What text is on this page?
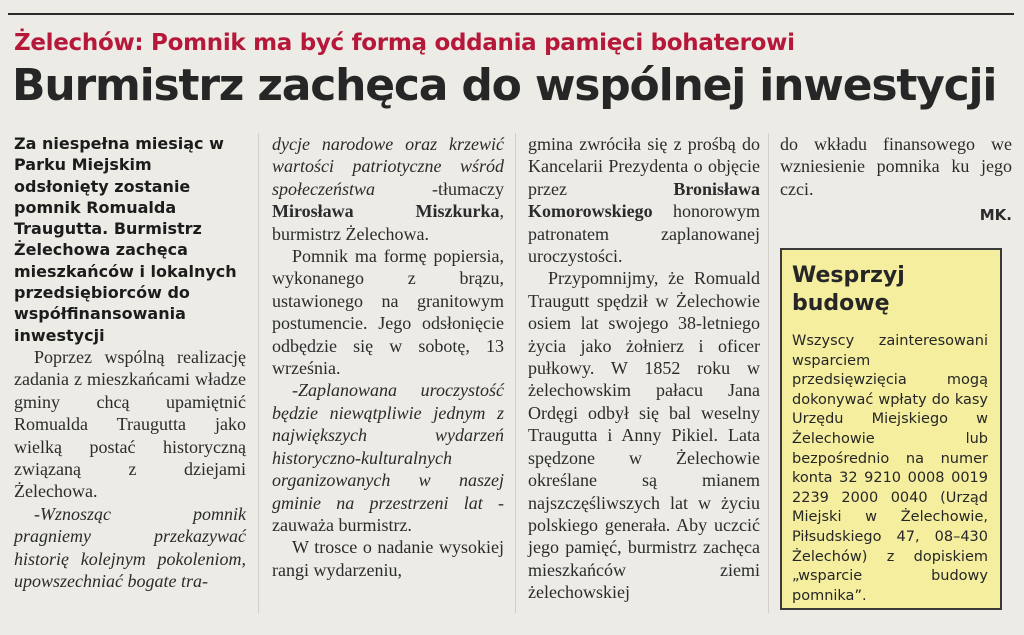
Żelechów: Pomnik ma być formą oddania pamięci bohaterowi
Burmistrz zachęca do wspólnej inwestycji

Za niespełna miesiąc w Parku Miejskim odsłonięty zostanie pomnik Romualda Traugutta. Burmistrz Żelechowa zachęca mieszkańców i lokalnych przedsiębiorców do współfinansowania inwestycji

Poprzez wspólną realizację zadania z mieszkańcami władze gminy chcą upamiętnić Romualda Traugutta jako wielką postać historyczną związaną z dziejami Żelechowa.

-Wznosząc pomnik pragniemy przekazywać historię kolejnym pokoleniom, upowszechniać bogate tra-

dycje narodowe oraz krzewić wartości patriotyczne wśród społeczeństwa -tłumaczy Mirosława Miszkurka, burmistrz Żelechowa.

Pomnik ma formę popiersia, wykonanego z brązu, ustawionego na granitowym postumencie. Jego odsłonięcie odbędzie się w sobotę, 13 września.

-Zaplanowana uroczystość będzie niewątpliwie jednym z największych wydarzeń historyczno-kulturalnych organizowanych w naszej gminie na przestrzeni lat -zauważa burmistrz.

W trosce o nadanie wysokiej rangi wydarzeniu,

gmina zwróciła się z prośbą do Kancelarii Prezydenta o objęcie przez Bronisława Komorowskiego honorowym patronatem zaplanowanej uroczystości.

Przypomnijmy, że Romuald Traugutt spędził w Żelechowie osiem lat swojego 38-letniego życia jako żołnierz i oficer pułkowy. W 1852 roku w żelechowskim pałacu Jana Ordęgi odbył się bal weselny Traugutta i Anny Pikiel. Lata spędzone w Żelechowie określane są mianem najszczęśliwszych lat w życiu polskiego generała. Aby uczcić jego pamięć, burmistrz zachęca mieszkańców ziemi żelechowskiej

do wkładu finansowego we wzniesienie pomnika ku jego czci.

MK.
Wesprzyj budowę
Wszyscy zainteresowani wsparciem przedsięwzięcia mogą dokonywać wpłaty do kasy Urzędu Miejskiego w Żelechowie lub bezpośrednio na numer konta 32 9210 0008 0019 2239 2000 0040 (Urząd Miejski w Żelechowie, Piłsudskiego 47, 08–430 Żelechów) z dopiskiem „wsparcie budowy pomnika”.
